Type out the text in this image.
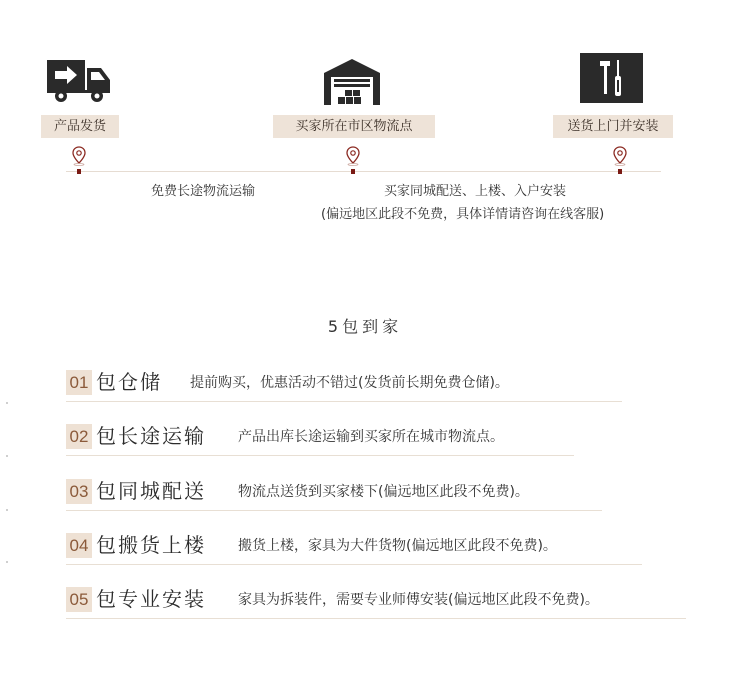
产品发货	买家所在市区物流点	送货上门并安装
免费长途物流运输	买家同城配送、上楼、入户安装
(偏远地区此段不免费，具体详情请咨询在线客服)
5包到家
01 包仓储 提前购买，优惠活动不错过(发货前长期免费仓储)。
02 包长途运输 产品出库长途运输到买家所在城市物流点。
03 包同城配送 物流点送货到买家楼下(偏远地区此段不免费)。
04 包搬货上楼 搬货上楼，家具为大件货物(偏远地区此段不免费)。
05 包专业安装 家具为拆装件，需要专业师傅安装(偏远地区此段不免费)。
